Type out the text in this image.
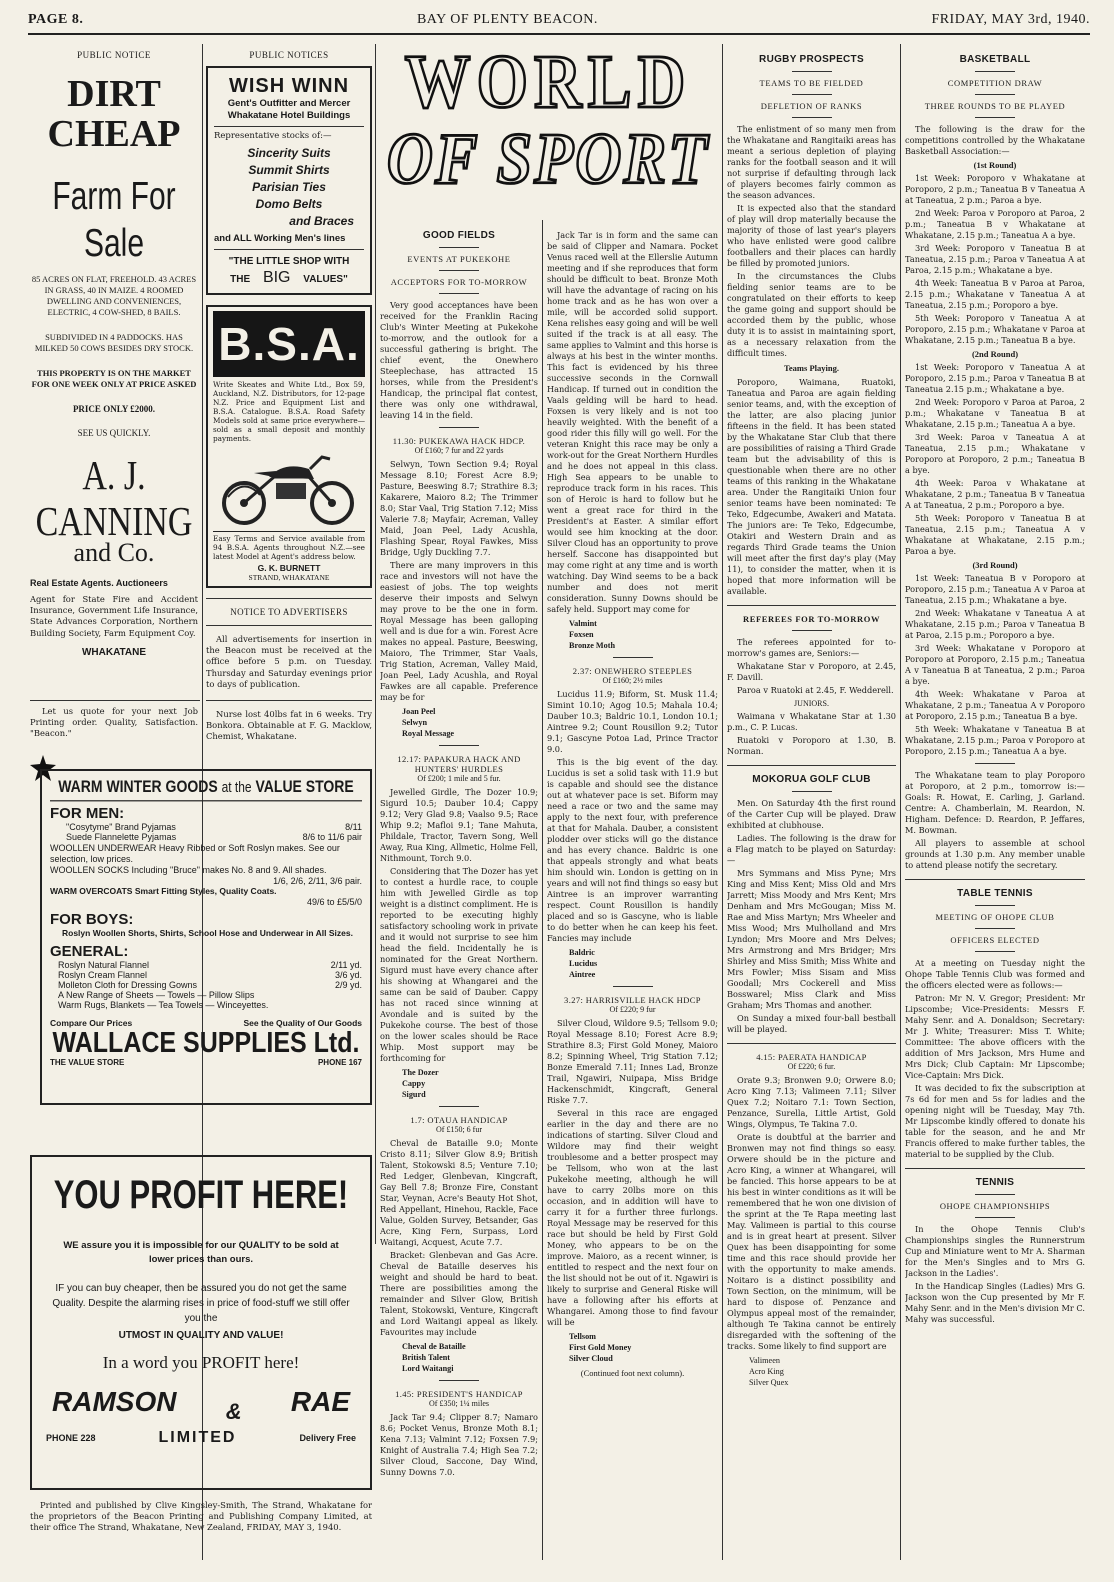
PAGE 8.	BAY OF PLENTY BEACON.	FRIDAY, MAY 3rd, 1940.
PUBLIC NOTICE
DIRT
CHEAP
Farm For Sale
85 ACRES ON FLAT, FREEHOLD. 43 ACRES IN GRASS, 40 IN MAIZE. 4 ROOMED DWELLING AND CONVENIENCES, ELECTRIC, 4 COW-SHED, 8 BAILS.
SUBDIVIDED IN 4 PADDOCKS. HAS MILKED 50 COWS BESIDES DRY STOCK.
THIS PROPERTY IS ON THE MARKET FOR ONE WEEK ONLY AT PRICE ASKED
PRICE ONLY £2000.
SEE US QUICKLY.
A. J. CANNING
and Co.
Real Estate Agents. Auctioneers
Agent for State Fire and Accident Insurance, Government Life Insurance, State Advances Corporation, Northern Building Society, Farm Equipment Coy.
WHAKATANE
Let us quote for your next Job Printing order. Quality, Satisfaction. "Beacon."
PUBLIC NOTICES
WISH WINN
Gent's Outfitter and Mercer Whakatane Hotel Buildings
Representative stocks of:—
Sincerity Suits
Summit Shirts
Parisian Ties
Domo Belts
and Braces
and ALL Working Men's lines
"THE LITTLE SHOP WITH
THE BIG VALUES"
B.S.A.
Write Skeates and White Ltd., Box 59, Auckland, N.Z. Distributors, for 12-page N.Z. Price and Equipment List and B.S.A. Catalogue. B.S.A. Road Safety Models sold at same price everywhere—sold as a small deposit and monthly payments.
Easy Terms and Service available from 94 B.S.A. Agents throughout N.Z.—see latest Model at Agent's address below.
G. K. BURNETT
STRAND, WHAKATANE
NOTICE TO ADVERTISERS

All advertisements for insertion in the Beacon must be received at the office before 5 p.m. on Tuesday. Thursday and Saturday evenings prior to days of publication.

Nurse lost 40lbs fat in 6 weeks. Try Bonkora. Obtainable at F. G. Macklow, Chemist, Whakatane.

WARM WINTER GOODS at the VALUE STORE
FOR MEN:
"Cosytyme" Brand Pyjamas	8/11
Suede Flannelette Pyjamas	8/6 to 11/6 pair
WOOLLEN UNDERWEAR Heavy Ribbed or Soft Roslyn makes. See our selection, low prices.
WOOLLEN SOCKS Including "Bruce" makes No. 8 and 9. All shades.
1/6, 2/6, 2/11, 3/6 pair.
WARM OVERCOATS Smart Fitting Styles, Quality Coats.
49/6 to £5/5/0
FOR BOYS:
Roslyn Woollen Shorts, Shirts, School Hose and Underwear in All Sizes.
GENERAL:
Roslyn Natural Flannel	2/11 yd.
Roslyn Cream Flannel	3/6 yd.
Molleton Cloth for Dressing Gowns	2/9 yd.
A New Range of Sheets — Towels — Pillow Slips
Warm Rugs, Blankets — Tea Towels — Winceyettes.
Compare Our Prices	See the Quality of Our Goods
WALLACE SUPPLIES Ltd.
THE VALUE STORE	PHONE 167
YOU PROFIT HERE!
WE assure you it is impossible for our QUALITY to be sold at lower prices than ours.
IF you can buy cheaper, then be assured you do not get the same Quality. Despite the alarming rises in price of food-stuff we still offer you the
UTMOST IN QUALITY AND VALUE!
In a word you PROFIT here!
RAMSON & RAE
PHONE 228	LIMITED	Delivery Free
Printed and published by Clive Kingsley-Smith, The Strand, Whakatane for the proprietors of the Beacon Printing and Publishing Company Limited, at their office The Strand, Whakatane, New Zealand, FRIDAY, MAY 3, 1940.
WORLD
OF SPORT
GOOD FIELDS
EVENTS AT PUKEKOHE
ACCEPTORS FOR TO-MORROW

Very good acceptances have been received for the Franklin Racing Club's Winter Meeting at Pukekohe to-morrow, and the outlook for a successful gathering is bright. The chief event, the Onewhero Steeplechase, has attracted 15 horses, while from the President's Handicap, the principal flat contest, there was only one withdrawal, leaving 14 in the field.

11.30: PUKEKAWA HACK HDCP.
Of £160; 7 fur and 22 yards

Selwyn, Town Section 9.4; Royal Message 8.10; Forest Acre 8.9; Pasture, Beeswing 8.7; Strathire 8.3; Kakarere, Maioro 8.2; The Trimmer 8.0; Star Vaal, Trig Station 7.12; Miss Valerie 7.8; Mayfair, Acreman, Valley Maid, Joan Peel, Lady Acushla, Flashing Spear, Royal Fawkes, Miss Bridge, Ugly Duckling 7.7.

There are many improvers in this race and investors will not have the easiest of jobs. The top weights deserve their imposts and Selwyn may prove to be the one in form. Royal Message has been galloping well and is due for a win. Forest Acre makes no appeal. Pasture, Beeswing, Maioro, The Trimmer, Star Vaals, Trig Station, Acreman, Valley Maid, Joan Peel, Lady Acushla, and Royal Fawkes are all capable. Preference may be for

Joan Peel
Selwyn
Royal Message
12.17: PAPAKURA HACK AND HUNTERS' HURDLES
Of £200; 1 mile and 5 fur.

Jewelled Girdle, The Dozer 10.9; Sigurd 10.5; Dauber 10.4; Cappy 9.12; Very Glad 9.8; Vaalso 9.5; Race Whip 9.2; Mafloi 9.1; Tane Mahuta, Phildale, Tractor, Tavern Song, Well Away, Rua King, Allmetic, Holme Fell, Nithmount, Torch 9.0.

Considering that The Dozer has yet to contest a hurdle race, to couple him with Jewelled Girdle as top weight is a distinct compliment. He is reported to be executing highly satisfactory schooling work in private and it would not surprise to see him head the field. Incidentally he is nominated for the Great Northern. Sigurd must have every chance after his showing at Whangarei and the same can be said of Dauber. Cappy has not raced since winning at Avondale and is suited by the Pukekohe course. The best of those on the lower scales should be Race Whip. Most support may be forthcoming for

The Dozer
Cappy
Sigurd
1.7: OTAUA HANDICAP
Of £150; 6 fur

Cheval de Bataille 9.0; Monte Cristo 8.11; Silver Glow 8.9; British Talent, Stokowski 8.5; Venture 7.10; Red Ledger, Glenbevan, Kingcraft, Gay Bell 7.8; Bronze Fire, Constant Star, Veynan, Acre's Beauty Hot Shot, Red Appellant, Hinehou, Rackle, Face Value, Golden Survey, Betsander, Gas Acre, King Fern, Surpass, Lord Waitangi, Acquest, Acute 7.7.

Bracket: Glenbevan and Gas Acre. Cheval de Bataille deserves his weight and should be hard to beat. There are possibilities among the remainder and Silver Glow, British Talent, Stokowski, Venture, Kingcraft and Lord Waitangi appeal as likely. Favourites may include

Cheval de Bataille
British Talent
Lord Waitangi
1.45: PRESIDENT'S HANDICAP
Of £350; 1¼ miles

Jack Tar 9.4; Clipper 8.7; Namaro 8.6; Pocket Venus, Bronze Moth 8.1; Kena 7.13; Valmint 7.12; Foxsen 7.9; Knight of Australia 7.4; High Sea 7.2; Silver Cloud, Saccone, Day Wind, Sunny Downs 7.0.

Jack Tar is in form and the same can be said of Clipper and Namara. Pocket Venus raced well at the Ellerslie Autumn meeting and if she reproduces that form should be difficult to beat. Bronze Moth will have the advantage of racing on his home track and as he has won over a mile, will be accorded solid support. Kena relishes easy going and will be well suited if the track is at all easy. The same applies to Valmint and this horse is always at his best in the winter months. This fact is evidenced by his three successive seconds in the Cornwall Handicap. If turned out in condition the Vaals gelding will be hard to head. Foxsen is very likely and is not too heavily weighted. With the benefit of a good rider this filly will go well. For the veteran Knight this race may be only a work-out for the Great Northern Hurdles and he does not appeal in this class. High Sea appears to be unable to reproduce track form in his races. This son of Heroic is hard to follow but he went a great race for third in the President's at Easter. A similar effort would see him knocking at the door. Silver Cloud has an opportunity to prove herself. Saccone has disappointed but may come right at any time and is worth watching. Day Wind seems to be a back number and does not merit consideration. Sunny Downs should be safely held. Support may come for

Valmint
Foxsen
Bronze Moth
2.37: ONEWHERO STEEPLES
Of £160; 2½ miles

Lucidus 11.9; Biform, St. Musk 11.4; Simint 10.10; Agog 10.5; Mahala 10.4; Dauber 10.3; Baldric 10.1, London 10.1; Aintree 9.2; Count Rousillon 9.2; Tutor 9.1; Gascyne Potoa Lad, Prince Tractor 9.0.

This is the big event of the day. Lucidus is set a solid task with 11.9 but is capable and should see the distance out at whatever pace is set. Biform may need a race or two and the same may apply to the next four, with preference at that for Mahala. Dauber, a consistent plodder over sticks will go the distance and has every chance. Baldric is one that appeals strongly and what beats him should win. London is getting on in years and will not find things so easy but Aintree is an improver warranting respect. Count Rousillon is handily placed and so is Gascyne, who is liable to do better when he can keep his feet. Fancies may include

Baldric
Lucidus
Aintree
3.27: HARRISVILLE HACK HDCP
Of £220; 9 fur

Silver Cloud, Wildore 9.5; Tellsom 9.0; Royal Message 8.10; Forest Acre 8.9; Strathire 8.3; First Gold Money, Maioro 8.2; Spinning Wheel, Trig Station 7.12; Bonze Emerald 7.11; Innes Lad, Bronze Trail, Ngawiri, Nuipapa, Miss Bridge Hackenschmidt, Kingcraft, General Riske 7.7.

Several in this race are engaged earlier in the day and there are no indications of starting. Silver Cloud and Wildore may find their weight troublesome and a better prospect may be Tellsom, who won at the last Pukekohe meeting, although he will have to carry 20lbs more on this occasion, and in addition will have to carry it for a further three furlongs. Royal Message may be reserved for this race but should be held by First Gold Money, who appears to be on the improve. Maioro, as a recent winner, is entitled to respect and the next four on the list should not be out of it. Ngawiri is likely to surprise and General Riske will have a following after his efforts at Whangarei. Among those to find favour will be

Tellsom
First Gold Money
Silver Cloud
(Continued foot next column).
RUGBY PROSPECTS
TEAMS TO BE FIELDED
DEFLETION OF RANKS

The enlistment of so many men from the Whakatane and Rangitaiki areas has meant a serious depletion of playing ranks for the football season and it will not surprise if defaulting through lack of players becomes fairly common as the season advances.

It is expected also that the standard of play will drop materially because the majority of those of last year's players who have enlisted were good calibre footballers and their places can hardly be filled by promoted juniors.

In the circumstances the Clubs fielding senior teams are to be congratulated on their efforts to keep the game going and support should be accorded them by the public, whose duty it is to assist in maintaining sport, as a necessary relaxation from the difficult times.

Teams Playing.

Poroporo, Waimana, Ruatoki, Taneatua and Paroa are again fielding senior teams, and, with the exception of the latter, are also placing junior fifteens in the field. It has been stated by the Whakatane Star Club that there are possibilities of raising a Third Grade team but the advisability of this is questionable when there are no other teams of this ranking in the Whakatane area. Under the Rangitaiki Union four senior teams have been nominated: Te Teko, Edgecumbe, Awakeri and Matata. The juniors are: Te Teko, Edgecumbe, Otakiri and Western Drain and as regards Third Grade teams the Union will meet after the first day's play (May 11), to consider the matter, when it is hoped that more information will be available.

REFEREES FOR TO-MORROW

The referees appointed for to-morrow's games are, Seniors:—

Whakatane Star v Poroporo, at 2.45, F. Davill.

Paroa v Ruatoki at 2.45, F. Wedderell.

JUNIORS.

Waimana v Whakatane Star at 1.30 p.m., C. P. Lucas.

Ruatoki v Poroporo at 1.30, B. Norman.

MOKORUA GOLF CLUB

Men. On Saturday 4th the first round of the Carter Cup will be played. Draw exhibited at clubhouse.

Ladies. The following is the draw for a Flag match to be played on Saturday:—

Mrs Symmans and Miss Pyne; Mrs King and Miss Kent; Miss Old and Mrs Jarrett; Miss Moody and Mrs Kent; Mrs Denham and Mrs McGougan; Miss M. Rae and Miss Martyn; Mrs Wheeler and Miss Wood; Mrs Mulholland and Mrs Lyndon; Mrs Moore and Mrs Delves; Mrs Armstrong and Mrs Bridger; Mrs Shirley and Miss Smith; Miss White and Mrs Fowler; Miss Sisam and Miss Goodall; Mrs Cockerell and Miss Bosswarel; Miss Clark and Miss Graham; Mrs Thomas and another.

On Sunday a mixed four-ball bestball will be played.

4.15: PAERATA HANDICAP
Of £220; 6 fur.

Orate 9.3; Bronwen 9.0; Orwere 8.0; Acro King 7.13; Valimeen 7.11; Silver Quex 7.2; Noitaro 7.1: Town Section, Penzance, Surella, Little Artist, Gold Wings, Olympus, Te Takina 7.0.

Orate is doubtful at the barrier and Bronwen may not find things so easy. Orwere should be in the picture and Acro King, a winner at Whangarei, will be fancied. This horse appears to be at his best in winter conditions as it will be remembered that he won one division of the sprint at the Te Rapa meeting last May. Valimeen is partial to this course and is in great heart at present. Silver Quex has been disappointing for some time and this race should provide her with the opportunity to make amends. Noitaro is a distinct possibility and Town Section, on the minimum, will be hard to dispose of. Penzance and Olympus appeal most of the remainder, although Te Takina cannot be entirely disregarded with the softening of the tracks. Some likely to find support are

Valimeen
Acro King
Silver Quex
BASKETBALL
COMPETITION DRAW
THREE ROUNDS TO BE PLAYED

The following is the draw for the competitions controlled by the Whakatane Basketball Association:—

(1st Round)

1st Week: Poroporo v Whakatane at Poroporo, 2 p.m.; Taneatua B v Taneatua A at Taneatua, 2 p.m.; Paroa a bye.

2nd Week: Paroa v Poroporo at Paroa, 2 p.m.; Taneatua B v Whakatane at Whakatane, 2.15 p.m.; Taneatua A a bye.

3rd Week: Poroporo v Taneatua B at Taneatua, 2.15 p.m.; Paroa v Taneatua A at Paroa, 2.15 p.m.; Whakatane a bye.

4th Week: Taneatua B v Paroa at Paroa, 2.15 p.m.; Whakatane v Taneatua A at Taneatua, 2.15 p.m.; Poroporo a bye.

5th Week: Poroporo v Taneatua A at Poroporo, 2.15 p.m.; Whakatane v Paroa at Whakatane, 2.15 p.m.; Taneatua B a bye.

(2nd Round)

1st Week: Poroporo v Taneatua A at Poroporo, 2.15 p.m.; Paroa v Taneatua B at Taneatua 2.15 p.m.; Whakatane a bye.

2nd Week: Poroporo v Paroa at Paroa, 2 p.m.; Whakatane v Taneatua B at Whakatane, 2.15 p.m.; Taneatua A a bye.

3rd Week: Paroa v Taneatua A at Taneatua, 2.15 p.m.; Whakatane v Poroporo at Poroporo, 2 p.m.; Taneatua B a bye.

4th Week: Paroa v Whakatane at Whakatane, 2 p.m.; Taneatua B v Taneatua A at Taneatua, 2 p.m.; Poroporo a bye.

5th Week: Poroporo v Taneatua B at Taneatua, 2.15 p.m.; Taneatua A v Whakatane at Whakatane, 2.15 p.m.; Paroa a bye.

(3rd Round)

1st Week: Taneatua B v Poroporo at Poroporo, 2.15 p.m.; Taneatua A v Paroa at Taneatua, 2.15 p.m.; Whakatane a bye.

2nd Week: Whakatane v Taneatua A at Whakatane, 2.15 p.m.; Paroa v Taneatua B at Paroa, 2.15 p.m.; Poroporo a bye.

3rd Week: Whakatane v Poroporo at Poroporo at Poroporo, 2.15 p.m.; Taneatua A v Taneatua B at Taneatua, 2 p.m.; Paroa a bye.

4th Week: Whakatane v Paroa at Whakatane, 2 p.m.; Taneatua A v Poroporo at Poroporo, 2.15 p.m.; Taneatua B a bye.

5th Week: Whakatane v Taneatua B at Whakatane, 2.15 p.m.; Paroa v Poroporo at Poroporo, 2.15 p.m.; Taneatua A a bye.

The Whakatane team to play Poroporo at Poroporo, at 2 p.m., tomorrow is:—Goals: R. Howat, E. Carling, J. Garland. Centre: A. Chamberlain, M. Reardon, N. Higham. Defence: D. Reardon, P. Jeffares, M. Bowman.

All players to assemble at school grounds at 1.30 p.m. Any member unable to attend please notify the secretary.

TABLE TENNIS
MEETING OF OHOPE CLUB
OFFICERS ELECTED

At a meeting on Tuesday night the Ohope Table Tennis Club was formed and the officers elected were as follows:—

Patron: Mr N. V. Gregor; President: Mr Lipscombe; Vice-Presidents: Messrs F. Mahy Senr. and A. Donaldson; Secretary: Mr J. White; Treasurer: Miss T. White; Committee: The above officers with the addition of Mrs Jackson, Mrs Hume and Mrs Dick; Club Captain: Mr Lipscombe; Vice-Captain: Mrs Dick.

It was decided to fix the subscription at 7s 6d for men and 5s for ladies and the opening night will be Tuesday, May 7th. Mr Lipscombe kindly offered to donate his table for the season, and he and Mr Francis offered to make further tables, the material to be supplied by the Club.

TENNIS
OHOPE CHAMPIONSHIPS

In the Ohope Tennis Club's Championships singles the Runnerstrum Cup and Miniature went to Mr A. Sharman for the Men's Singles and to Mrs G. Jackson in the Ladies'.

In the Handicap Singles (Ladies) Mrs G. Jackson won the Cup presented by Mr F. Mahy Senr. and in the Men's division Mr C. Mahy was successful.
